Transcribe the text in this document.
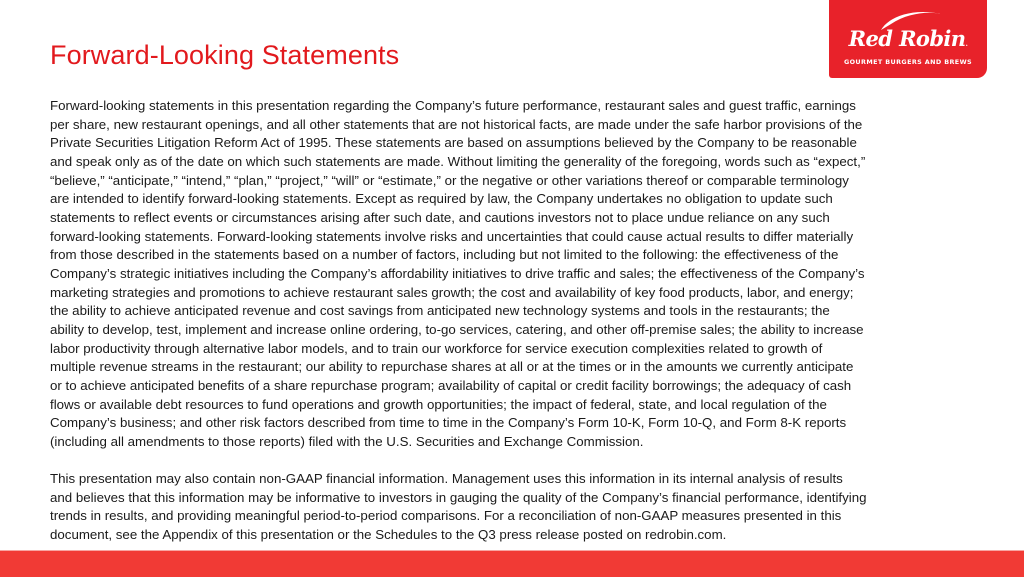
Forward-Looking Statements
Red Robin.
GOURMET BURGERS AND BREWS

Forward-looking statements in this presentation regarding the Company’s future performance, restaurant sales and guest traffic, earnings
per share, new restaurant openings, and all other statements that are not historical facts, are made under the safe harbor provisions of the
Private Securities Litigation Reform Act of 1995. These statements are based on assumptions believed by the Company to be reasonable
and speak only as of the date on which such statements are made. Without limiting the generality of the foregoing, words such as “expect,”
“believe,” “anticipate,” “intend,” “plan,” “project,” “will” or “estimate,” or the negative or other variations thereof or comparable terminology
are intended to identify forward-looking statements. Except as required by law, the Company undertakes no obligation to update such
statements to reflect events or circumstances arising after such date, and cautions investors not to place undue reliance on any such
forward-looking statements. Forward-looking statements involve risks and uncertainties that could cause actual results to differ materially
from those described in the statements based on a number of factors, including but not limited to the following: the effectiveness of the
Company’s strategic initiatives including the Company’s affordability initiatives to drive traffic and sales; the effectiveness of the Company’s
marketing strategies and promotions to achieve restaurant sales growth; the cost and availability of key food products, labor, and energy;
the ability to achieve anticipated revenue and cost savings from anticipated new technology systems and tools in the restaurants; the
ability to develop, test, implement and increase online ordering, to-go services, catering, and other off-premise sales; the ability to increase
labor productivity through alternative labor models, and to train our workforce for service execution complexities related to growth of
multiple revenue streams in the restaurant; our ability to repurchase shares at all or at the times or in the amounts we currently anticipate
or to achieve anticipated benefits of a share repurchase program; availability of capital or credit facility borrowings; the adequacy of cash
flows or available debt resources to fund operations and growth opportunities; the impact of federal, state, and local regulation of the
Company’s business; and other risk factors described from time to time in the Company’s Form 10-K, Form 10-Q, and Form 8-K reports
(including all amendments to those reports) filed with the U.S. Securities and Exchange Commission.

This presentation may also contain non-GAAP financial information. Management uses this information in its internal analysis of results
and believes that this information may be informative to investors in gauging the quality of the Company’s financial performance, identifying
trends in results, and providing meaningful period-to-period comparisons. For a reconciliation of non-GAAP measures presented in this
document, see the Appendix of this presentation or the Schedules to the Q3 press release posted on redrobin.com.
